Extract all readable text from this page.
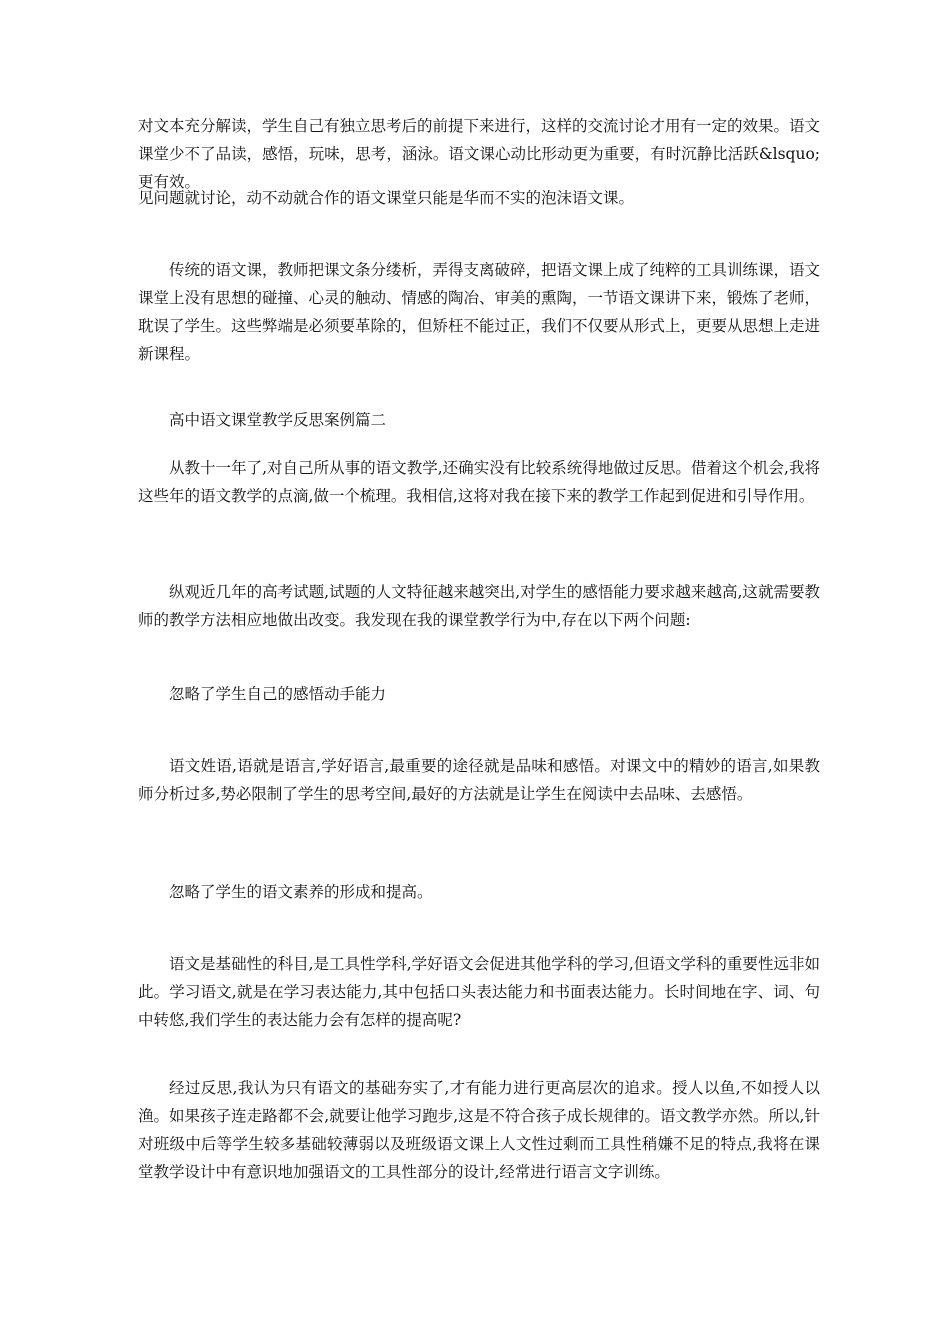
对文本充分解读，学生自己有独立思考后的前提下来进行，这样的交流讨论才用有一定的效果。语文课堂少不了品读，感悟，玩味，思考，涵泳。语文课心动比形动更为重要，有时沉静比活跃&lsquo;更有效。

见问题就讨论，动不动就合作的语文课堂只能是华而不实的泡沫语文课。

传统的语文课，教师把课文条分缕析，弄得支离破碎，把语文课上成了纯粹的工具训练课，语文课堂上没有思想的碰撞、心灵的触动、情感的陶冶、审美的熏陶，一节语文课讲下来，锻炼了老师，耽误了学生。这些弊端是必须要革除的，但矫枉不能过正，我们不仅要从形式上，更要从思想上走进新课程。

高中语文课堂教学反思案例篇二

从教十一年了,对自己所从事的语文教学,还确实没有比较系统得地做过反思。借着这个机会,我将这些年的语文教学的点滴,做一个梳理。我相信,这将对我在接下来的教学工作起到促进和引导作用。

纵观近几年的高考试题,试题的人文特征越来越突出,对学生的感悟能力要求越来越高,这就需要教师的教学方法相应地做出改变。我发现在我的课堂教学行为中,存在以下两个问题:

忽略了学生自己的感悟动手能力

语文姓语,语就是语言,学好语言,最重要的途径就是品味和感悟。对课文中的精妙的语言,如果教师分析过多,势必限制了学生的思考空间,最好的方法就是让学生在阅读中去品味、去感悟。

忽略了学生的语文素养的形成和提高。

语文是基础性的科目,是工具性学科,学好语文会促进其他学科的学习,但语文学科的重要性远非如此。学习语文,就是在学习表达能力,其中包括口头表达能力和书面表达能力。长时间地在字、词、句中转悠,我们学生的表达能力会有怎样的提高呢?

经过反思,我认为只有语文的基础夯实了,才有能力进行更高层次的追求。授人以鱼,不如授人以渔。如果孩子连走路都不会,就要让他学习跑步,这是不符合孩子成长规律的。语文教学亦然。所以,针对班级中后等学生较多基础较薄弱以及班级语文课上人文性过剩而工具性稍嫌不足的特点,我将在课堂教学设计中有意识地加强语文的工具性部分的设计,经常进行语言文字训练。
